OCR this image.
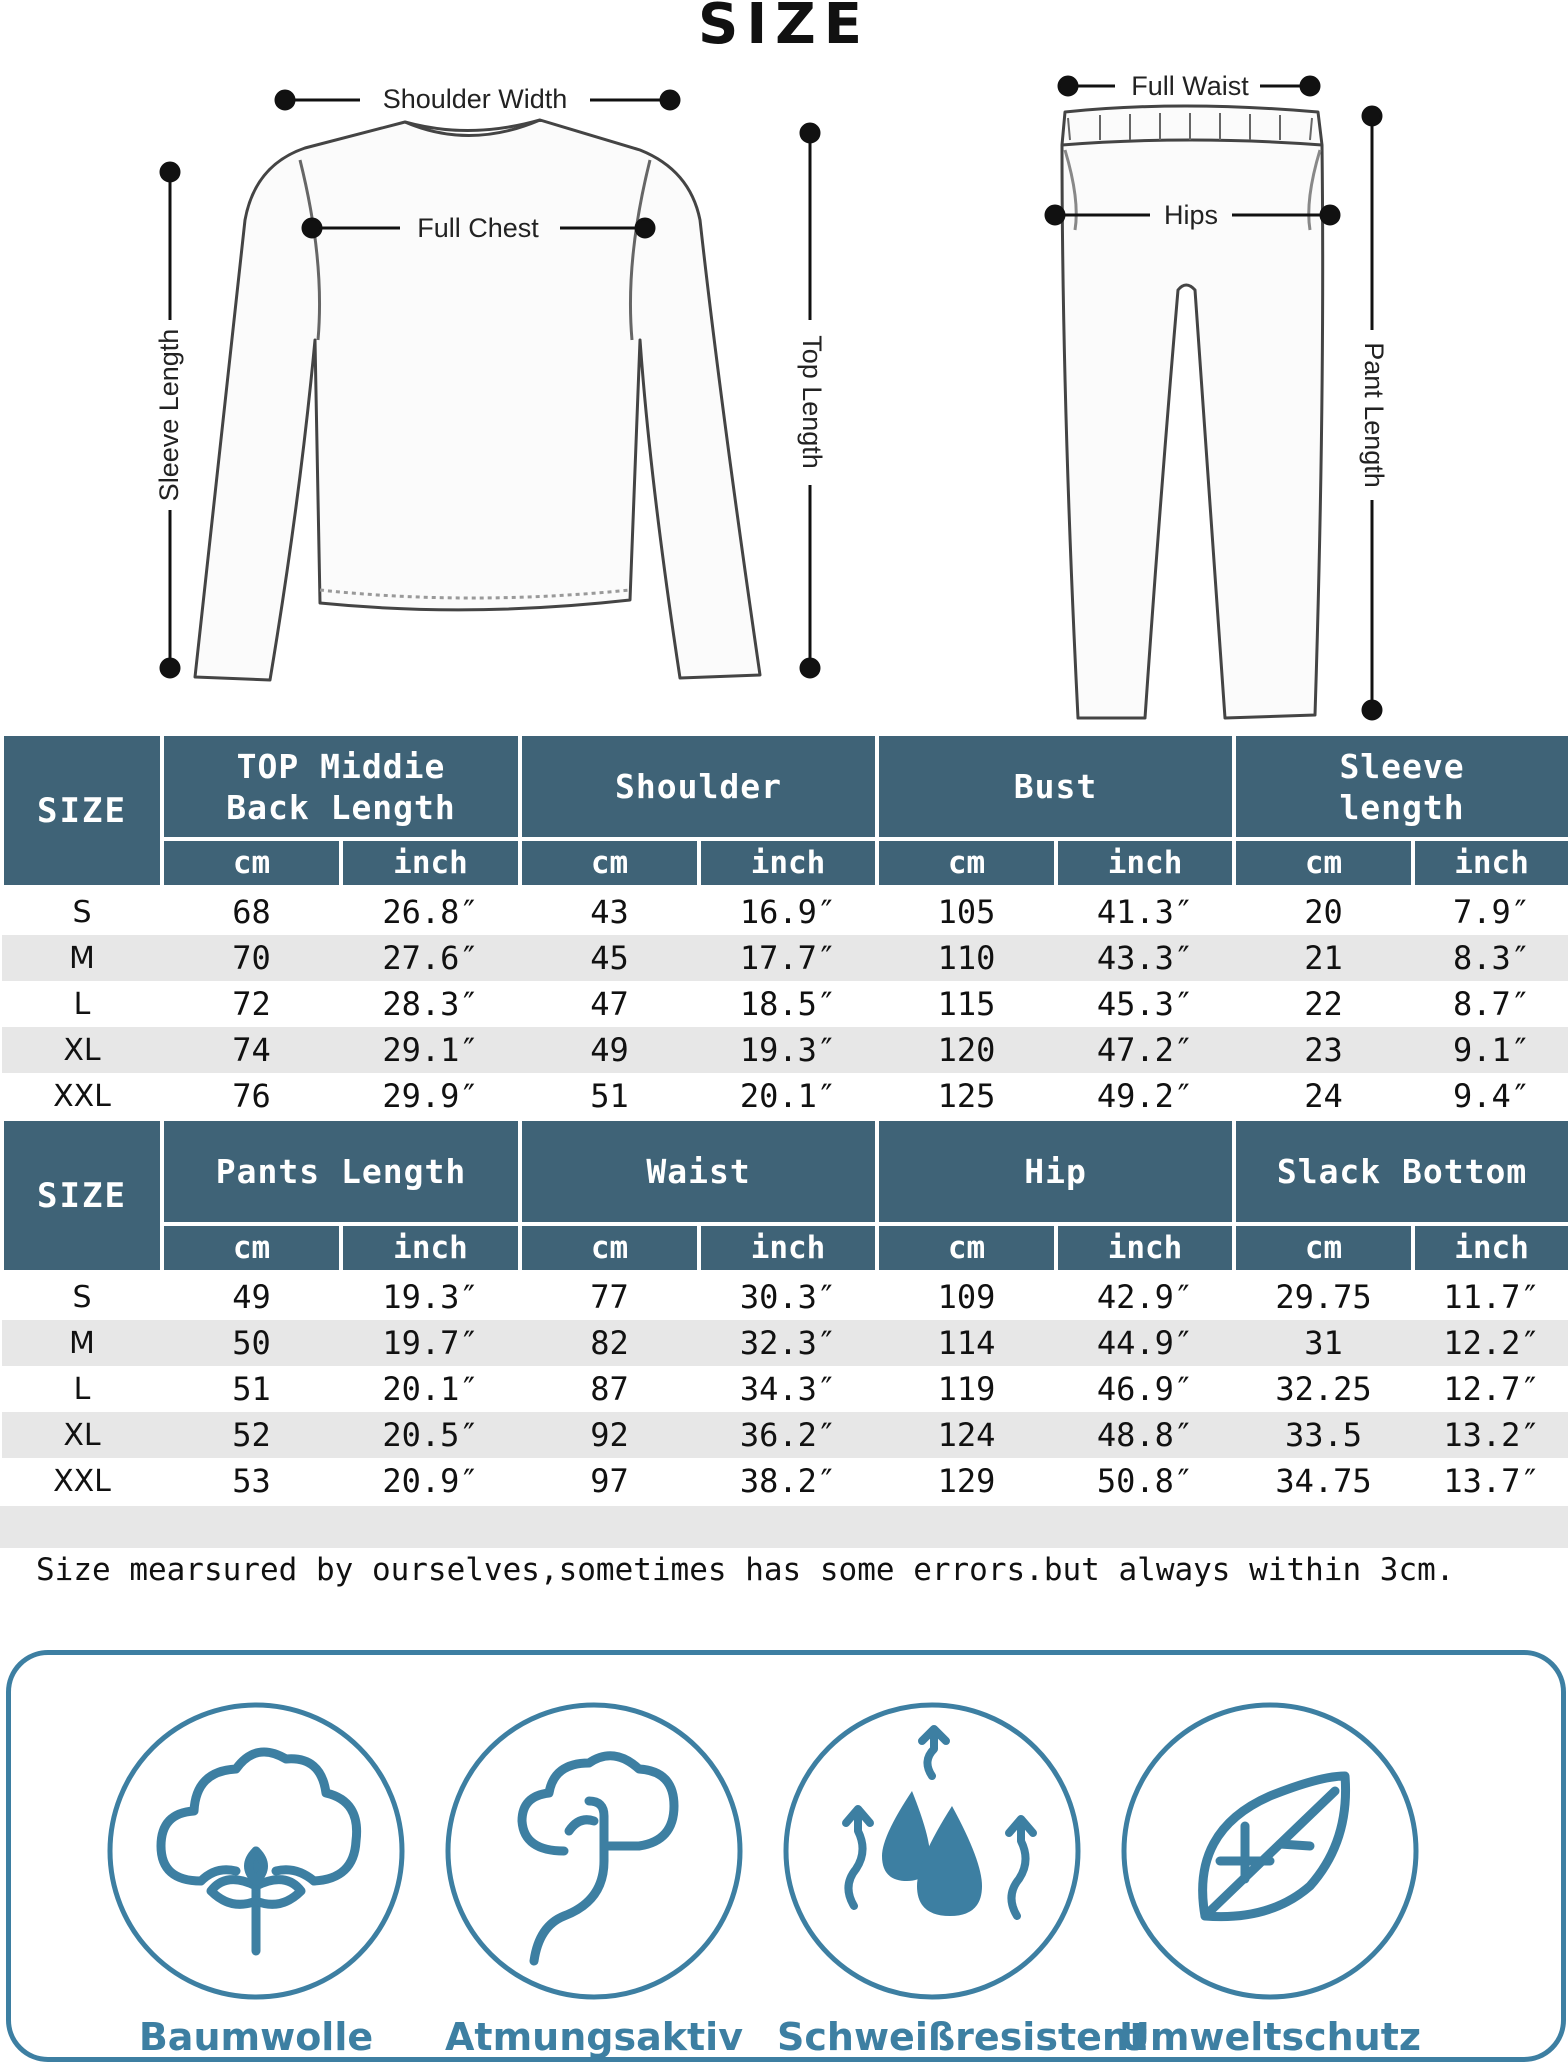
SIZE
Shoulder Width
Full Chest
Sleeve Length	Top Length
Full Waist
Hips
Pant Length
SIZE	TOP Middie
Back Length		Shoulder		Bust		Sleeve
length	
	cm	inch	cm	inch	cm	inch	cm	inch
S	68	26.8″	43	16.9″	105	41.3″	20	7.9″
M	70	27.6″	45	17.7″	110	43.3″	21	8.3″
L	72	28.3″	47	18.5″	115	45.3″	22	8.7″
XL	74	29.1″	49	19.3″	120	47.2″	23	9.1″
XXL	76	29.9″	51	20.1″	125	49.2″	24	9.4″
SIZE	Pants Length		Waist		Hip		Slack Bottom	
	cm	inch	cm	inch	cm	inch	cm	inch
S	49	19.3″	77	30.3″	109	42.9″	29.75	11.7″
M	50	19.7″	82	32.3″	114	44.9″	31	12.2″
L	51	20.1″	87	34.3″	119	46.9″	32.25	12.7″
XL	52	20.5″	92	36.2″	124	48.8″	33.5	13.2″
XXL	53	20.9″	97	38.2″	129	50.8″	34.75	13.7″
Size mearsured by ourselves,sometimes has some errors.but always within 3cm.
Baumwolle	Atmungsaktiv Schweißresistent
Umweltschutz
